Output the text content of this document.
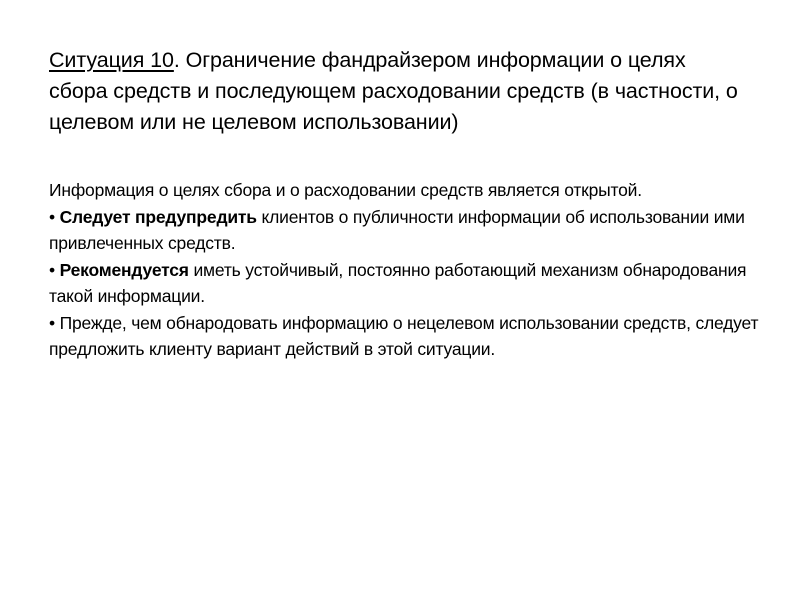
Ситуация 10. Ограничение фандрайзером информации о целях сбора средств и последующем расходовании средств (в частности, о целевом или не целевом использовании)

Информация о целях сбора и о расходовании средств является открытой.

• Следует предупредить клиентов о публичности информации об использовании ими привлеченных средств.

• Рекомендуется иметь устойчивый, постоянно работающий механизм обнародования такой информации.

• Прежде, чем обнародовать информацию о нецелевом использовании средств, следует предложить клиенту вариант действий в этой ситуации.
